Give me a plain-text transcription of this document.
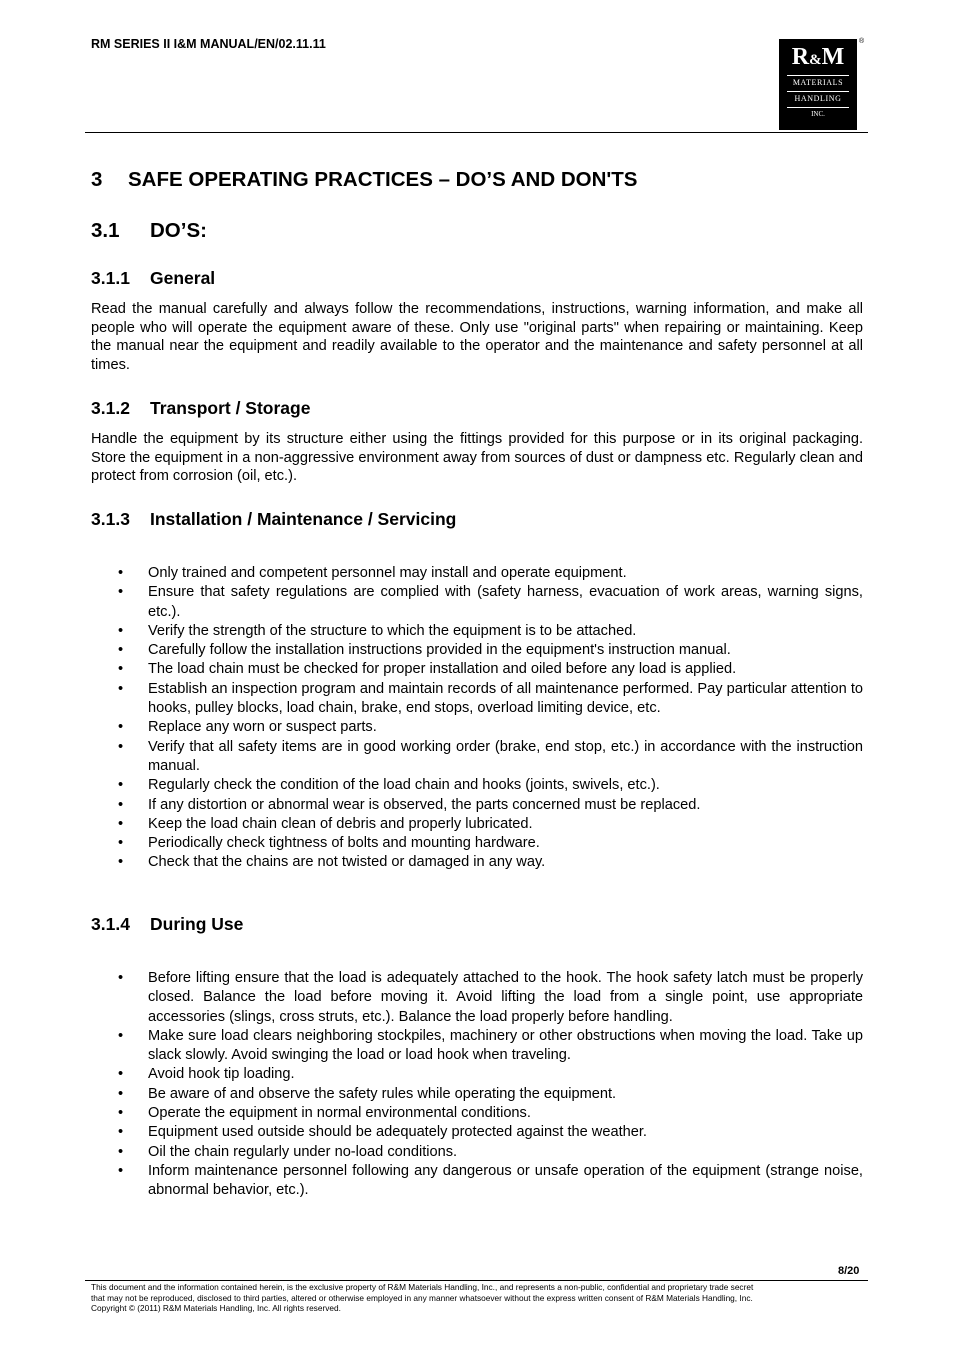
RM SERIES II I&M MANUAL/EN/02.11.11	R&M
MATERIALS
HANDLING
INC.
®
3 SAFE OPERATING PRACTICES – DO’S AND DON'TS
3.1 DO’S:
3.1.1 General

Read the manual carefully and always follow the recommendations, instructions, warning information, and make all people who will operate the equipment aware of these. Only use "original parts" when repairing or maintaining. Keep the manual near the equipment and readily available to the operator and the maintenance and safety personnel at all times.

3.1.2 Transport / Storage

Handle the equipment by its structure either using the fittings provided for this purpose or in its original packaging. Store the equipment in a non-aggressive environment away from sources of dust or dampness etc. Regularly clean and protect from corrosion (oil, etc.).

3.1.3 Installation / Maintenance / Servicing
• Only trained and competent personnel may install and operate equipment.
• Ensure that safety regulations are complied with (safety harness, evacuation of work areas, warning signs, etc.).
• Verify the strength of the structure to which the equipment is to be attached.
• Carefully follow the installation instructions provided in the equipment's instruction manual.
• The load chain must be checked for proper installation and oiled before any load is applied.
• Establish an inspection program and maintain records of all maintenance performed. Pay particular attention to hooks, pulley blocks, load chain, brake, end stops, overload limiting device, etc.
• Replace any worn or suspect parts.
• Verify that all safety items are in good working order (brake, end stop, etc.) in accordance with the instruction manual.
• Regularly check the condition of the load chain and hooks (joints, swivels, etc.).
• If any distortion or abnormal wear is observed, the parts concerned must be replaced.
• Keep the load chain clean of debris and properly lubricated.
• Periodically check tightness of bolts and mounting hardware.
• Check that the chains are not twisted or damaged in any way.
3.1.4 During Use
• Before lifting ensure that the load is adequately attached to the hook. The hook safety latch must be properly closed. Balance the load before moving it. Avoid lifting the load from a single point, use appropriate accessories (slings, cross struts, etc.). Balance the load properly before handling.
• Make sure load clears neighboring stockpiles, machinery or other obstructions when moving the load. Take up slack slowly. Avoid swinging the load or load hook when traveling.
• Avoid hook tip loading.
• Be aware of and observe the safety rules while operating the equipment.
• Operate the equipment in normal environmental conditions.
• Equipment used outside should be adequately protected against the weather.
• Oil the chain regularly under no-load conditions.
• Inform maintenance personnel following any dangerous or unsafe operation of the equipment (strange noise, abnormal behavior, etc.).
8/20
This document and the information contained herein, is the exclusive property of R&M Materials Handling, Inc., and represents a non-public, confidential and proprietary trade secret
that may not be reproduced, disclosed to third parties, altered or otherwise employed in any manner whatsoever without the express written consent of R&M Materials Handling, Inc.
Copyright © (2011) R&M Materials Handling, Inc. All rights reserved.
